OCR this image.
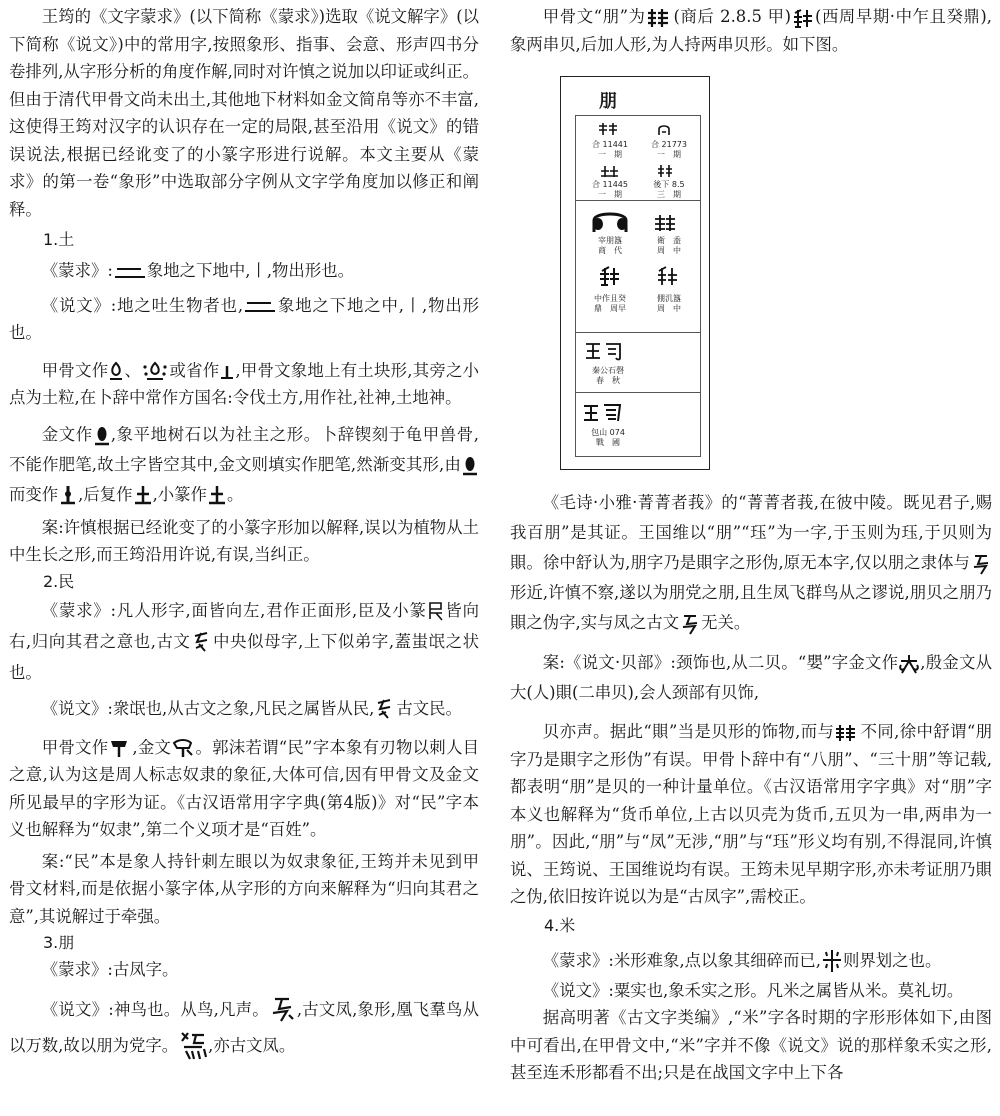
王筠的《文字蒙求》(以下简称《蒙求》)选取《说文解字》(以下简称《说文》)中的常用字,按照象形、指事、会意、形声四书分卷排列,从字形分析的角度作解,同时对许慎之说加以印证或纠正。但由于清代甲骨文尚未出土,其他地下材料如金文简帛等亦不丰富,这使得王筠对汉字的认识存在一定的局限,甚至沿用《说文》的错误说法,根据已经讹变了的小篆字形进行说解。本文主要从《蒙求》的第一卷“象形”中选取部分字例从文字学角度加以修正和阐释。

1.土

《蒙求》: 象地之下地中,丨,物出形也。

《说文》:地之吐生物者也, 象地之下地之中,丨,物出形也。

甲骨文作 、 或省作 ,甲骨文象地上有土块形,其旁之小点为土粒,在卜辞中常作方国名:令伐土方,用作社,社神,土地神。

金文作 ,象平地树石以为社主之形。卜辞锲刻于龟甲兽骨,不能作肥笔,故土字皆空其中,金文则填实作肥笔,然渐变其形,由
而变作 ,后复作 ,小篆作 。

案:许慎根据已经讹变了的小篆字形加以解释,误以为植物从土中生长之形,而王筠沿用许说,有误,当纠正。

2.民

《蒙求》:凡人形字,面皆向左,君作正面形,臣及小篆 皆向右,归向其君之意也,古文 中央似母字,上下似弟字,蓋蚩氓之状也。

《说文》:衆氓也,从古文之象,凡民之属皆从民, 古文民。

甲骨文作 ,金文 。郭沫若谓“民”字本象有刃物以刺人目之意,认为这是周人标志奴隶的象征,大体可信,因有甲骨文及金文所见最早的字形为证。《古汉语常用字字典(第4版)》对“民”字本义也解释为“奴隶”,第二个义项才是“百姓”。

案:“民”本是象人持针刺左眼以为奴隶象征,王筠并未见到甲骨文材料,而是依据小篆字体,从字形的方向来解释为“归向其君之意”,其说解过于牵强。

3.朋

《蒙求》:古凤字。

《说文》:神鸟也。从鸟,凡声。 ,古文凤,象形,凰飞羣鸟从以万数,故以朋为党字。 ,亦古文凤。

甲骨文“朋”为 (商后 2.8.5 甲) (西周早期·中乍且癸鼎),象两串贝,后加人形,为人持两串贝形。如下图。

朋
合 11441
一　期
合 21773
一　期
合 11445
一　期
後下 8.5
三　期
宰朋簋
商　代
衛　盉
周　中
中作且癸
鼎　周早
倗㲹簋
周　中
秦公石磬
春　秋
包山 074
戰　國

《毛诗·小雅·菁菁者莪》的“菁菁者莪,在彼中陵。既见君子,赐我百朋”是其证。王国维以“朋”“珏”为一字,于玉则为珏,于贝则为賏。徐中舒认为,朋字乃是賏字之形伪,原无本字,仅以朋之隶体与
形近,许慎不察,遂以为朋党之朋,且生凤飞群鸟从之谬说,朋贝之朋乃賏之伪字,实与凤之古文 无关。

案:《说文·贝部》:颈饰也,从二贝。“嬰”字金文作 ,殷金文从大(人)賏(二串贝),会人颈部有贝饰,

贝亦声。据此“賏”当是贝形的饰物,而与 不同,徐中舒谓“朋字乃是賏字之形伪”有误。甲骨卜辞中有“八朋”、“三十朋”等记载,都表明“朋”是贝的一种计量单位。《古汉语常用字字典》对“朋”字本义也解释为“货币单位,上古以贝壳为货币,五贝为一串,两串为一朋”。因此,“朋”与“凤”无涉,“朋”与“珏”形义均有别,不得混同,许慎说、王筠说、王国维说均有误。王筠未见早期字形,亦未考证朋乃賏之伪,依旧按许说以为是“古凤字”,需校正。

4.米

《蒙求》:米形难象,点以象其细碎而已, 则界划之也。

《说文》:粟实也,象禾实之形。凡米之属皆从米。莫礼切。

据高明著《古文字类编》,“米”字各时期的字形形体如下,由图中可看出,在甲骨文中,“米”字并不像《说文》说的那样象禾实之形,甚至连禾形都看不出;只是在战国文字中上下各
